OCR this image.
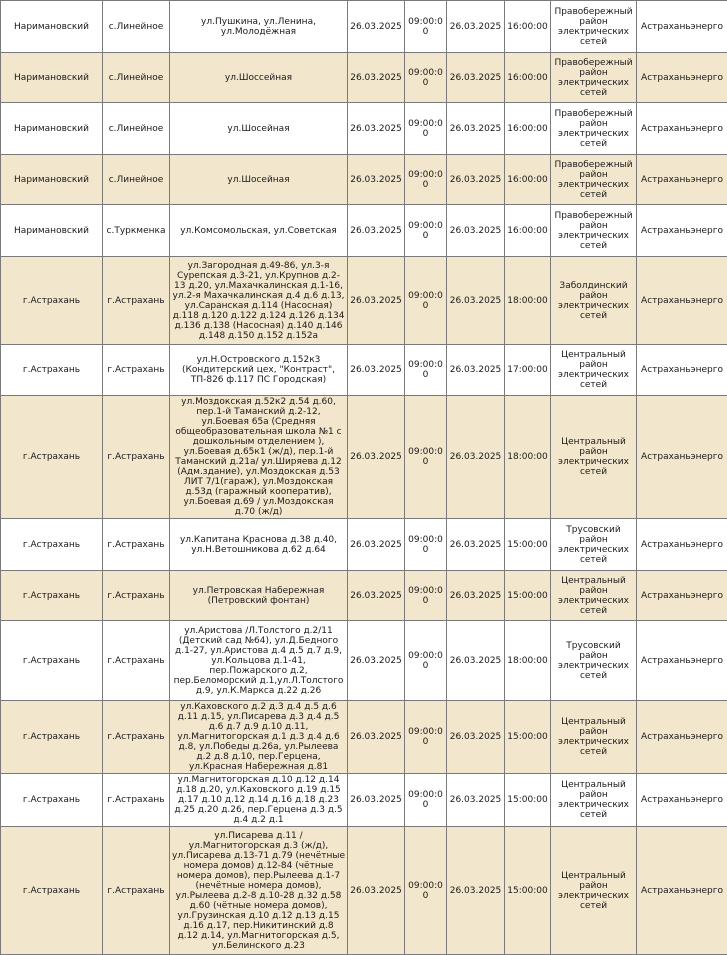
Наримановский	с.Линейное	ул.Пушкина, ул.Ленина, ул.Молодёжная	26.03.2025	09:00:00	26.03.2025	16:00:00	Правобережный район электрических сетей	Астраханьэнерго
Наримановский	с.Линейное	ул.Шоссейная	26.03.2025	09:00:00	26.03.2025	16:00:00	Правобережный район электрических сетей	Астраханьэнерго
Наримановский	с.Линейное	ул.Шосейная	26.03.2025	09:00:00	26.03.2025	16:00:00	Правобережный район электрических сетей	Астраханьэнерго
Наримановский	с.Линейное	ул.Шосейная	26.03.2025	09:00:00	26.03.2025	16:00:00	Правобережный район электрических сетей	Астраханьэнерго
Наримановский	с.Туркменка	ул.Комсомольская, ул.Советская	26.03.2025	09:00:00	26.03.2025	16:00:00	Правобережный район электрических сетей	Астраханьэнерго
г.Астрахань	г.Астрахань	ул.Загородная д.49-86, ул.3-я Сурепская д.3-21, ул.Крупнов д.2-13 д.20, ул.Махачкалинская д.1-16, ул.2-я Махачкалинская д.4 д.6 д.13, ул.Саранская д.114 (Насосная) д.118 д.120 д.122 д.124 д.126 д.134 д.136 д.138 (Насосная) д.140 д.146 д.148 д.150 д.152 д.152а	26.03.2025	09:00:00	26.03.2025	18:00:00	Заболдинский район электрических сетей	Астраханьэнерго
г.Астрахань	г.Астрахань	ул.Н.Островского д.152к3 (Кондитерский цех, "Контраст", ТП-826 ф.117 ПС Городская)	26.03.2025	09:00:00	26.03.2025	17:00:00	Центральный район электрических сетей	Астраханьэнерго
г.Астрахань	г.Астрахань	ул.Моздокская д.52к2 д.54 д.60, пер.1-й Таманский д.2-12, ул.Боевая 65а (Средняя общеобразовательная школа №1 с дошкольным отделением ), ул.Боевая д.65к1 (ж/д), пер.1-й Таманский д.21а/ ул.Ширяева д.12 (Адм.здание), ул.Моздокская д.53 ЛИТ 7/1(гараж), ул.Моздокская д.53д (гаражный кооператив), ул.Боевая д.69 / ул.Моздокская д.70 (ж/д)	26.03.2025	09:00:00	26.03.2025	18:00:00	Центральный район электрических сетей	Астраханьэнерго
г.Астрахань	г.Астрахань	ул.Капитана Краснова д.38 д.40, ул.Н.Ветошникова д.62 д.64	26.03.2025	09:00:00	26.03.2025	15:00:00	Трусовский район электрических сетей	Астраханьэнерго
г.Астрахань	г.Астрахань	ул.Петровская Набережная (Петровский фонтан)	26.03.2025	09:00:00	26.03.2025	15:00:00	Центральный район электрических сетей	Астраханьэнерго
г.Астрахань	г.Астрахань	ул.Аристова /Л.Толстого д.2/11 (Детский сад №64), ул.Д.Бедного д.1-27, ул.Аристова д.4 д.5 д.7 д.9, ул.Кольцова д.1-41, пер.Пожарского д.2, пер.Беломорский д.1,ул.Л.Толстого д.9, ул.К.Маркса д.22 д.26	26.03.2025	09:00:00	26.03.2025	18:00:00	Трусовский район электрических сетей	Астраханьэнерго
г.Астрахань	г.Астрахань	ул.Каховского д.2 д.3 д.4 д.5 д.6 д.11 д.15, ул.Писарева д.3 д.4 д.5 д.6 д.7 д.9 д.10 д.11, ул.Магнитогорская д.1 д.3 д.4 д.6 д.8, ул.Победы д.26а, ул.Рылеева д.2 д.8 д.10, пер.Герцена, ул.Красная Набережная д.81	26.03.2025	09:00:00	26.03.2025	15:00:00	Центральный район электрических сетей	Астраханьэнерго
г.Астрахань	г.Астрахань	ул.Магнитогорская д.10 д.12 д.14 д.18 д.20, ул.Каховского д.19 д.15 д.17 д.10 д.12 д.14 д.16 д.18 д.23 д.25 д.20 д.26, пер.Герцена д.3 д.5 д.4 д.2 д.1	26.03.2025	09:00:00	26.03.2025	15:00:00	Центральный район электрических сетей	Астраханьэнерго
г.Астрахань	г.Астрахань	ул.Писарева д.11 / ул.Магнитогорская д.3 (ж/д), ул.Писарева д.13-71 д.79 (нечётные номера домов) д.12-84 (чётные номера домов), пер.Рылеева д.1-7 (нечётные номера домов), ул.Рылеева д.2-8 д.10-28 д.32 д.58 д.60 (чётные номера домов), ул.Грузинская д.10 д.12 д.13 д.15 д.16 д.17, пер.Никитинский д.8 д.12 д.14, ул.Магнитогорская д.5, ул.Белинского д.23	26.03.2025	09:00:00	26.03.2025	15:00:00	Центральный район электрических сетей	Астраханьэнерго
